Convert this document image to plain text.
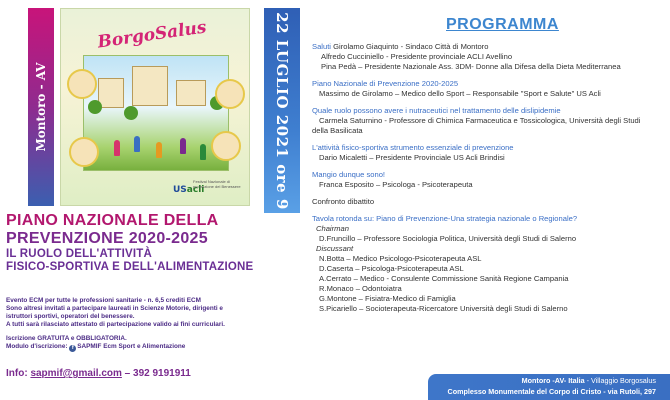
Montoro - AV
BorgoSalus
USacli
Festival Nazionale di promozione del Benessere
PIANO NAZIONALE DELLA
PREVENZIONE 2020-2025
IL RUOLO DELL'ATTIVITÀ
FISICO-SPORTIVA E DELL'ALIMENTAZIONE
Evento ECM per tutte le professioni sanitarie - n. 6,5 crediti ECM
Sono altresì invitati a partecipare laureati in Scienze Motorie, dirigenti e
istruttori sportivi, operatori del benessere.
A tutti sarà rilasciato attestato di partecipazione valido ai fini curriculari.
Iscrizione GRATUITA e OBBLIGATORIA.
Modulo d'iscrizione: f SAPMIF Ecm Sport e Alimentazione
Info: sapmif@gmail.com – 392 9191911
22 LUGLIO 2021 ore 9	PROGRAMMA
Saluti Girolamo Giaquinto - Sindaco Città di Montoro
Alfredo Cucciniello - Presidente provinciale ACLI Avellino
Pina Pedà – Presidente Nazionale Ass. 3DM- Donne alla Difesa della Dieta Mediterranea
Piano Nazionale di Prevenzione 2020-2025
Massimo de Girolamo – Medico dello Sport – Responsabile "Sport e Salute" US Acli
Quale ruolo possono avere i nutraceutici nel trattamento delle dislipidemie
Carmela Saturnino - Professore di Chimica Farmaceutica e Tossicologica, Università degli Studi
della Basilicata
L'attività fisico-sportiva strumento essenziale di prevenzione
Dario Micaletti – Presidente Provinciale US Acli Brindisi
Mangio dunque sono!
Franca Esposito – Psicologa - Psicoterapeuta
Confronto dibattito
Tavola rotonda su: Piano di Prevenzione-Una strategia nazionale o Regionale?
Chairman
D.Fruncillo – Professore Sociologia Politica, Università degli Studi di Salerno
Discussant
N.Botta – Medico Psicologo-Psicoterapeuta ASL
D.Caserta – Psicologa-Psicoterapeuta ASL
A.Cerrato – Medico - Consulente Commissione Sanità Regione Campania
R.Monaco – Odontoiatra
G.Montone – Fisiatra-Medico di Famiglia
S.Picariello – Socioterapeuta-Ricercatore Università degli Studi di Salerno
Montoro -AV- Italia - Villaggio Borgosalus
Complesso Monumentale del Corpo di Cristo - via Rutoli, 297
